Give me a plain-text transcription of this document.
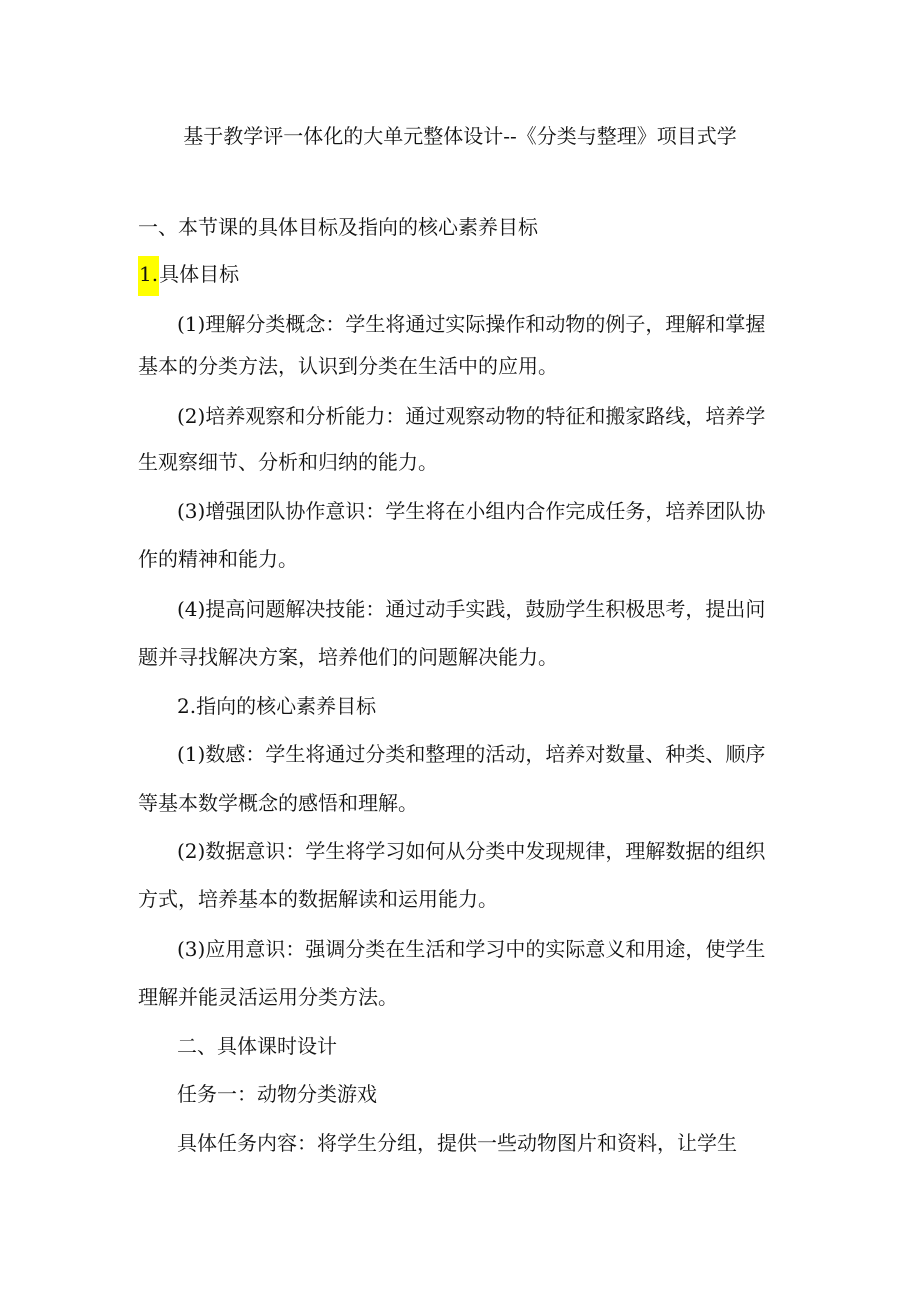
基于教学评一体化的大单元整体设计--《分类与整理》项目式学
一、本节课的具体目标及指向的核心素养目标
1.具体目标
(1)理解分类概念：学生将通过实际操作和动物的例子，理解和掌握
基本的分类方法，认识到分类在生活中的应用。
(2)培养观察和分析能力：通过观察动物的特征和搬家路线，培养学
生观察细节、分析和归纳的能力。
(3)增强团队协作意识：学生将在小组内合作完成任务，培养团队协
作的精神和能力。
(4)提高问题解决技能：通过动手实践，鼓励学生积极思考，提出问
题并寻找解决方案，培养他们的问题解决能力。
2.指向的核心素养目标
(1)数感：学生将通过分类和整理的活动，培养对数量、种类、顺序
等基本数学概念的感悟和理解。
(2)数据意识：学生将学习如何从分类中发现规律，理解数据的组织
方式，培养基本的数据解读和运用能力。
(3)应用意识：强调分类在生活和学习中的实际意义和用途，使学生
理解并能灵活运用分类方法。
二、具体课时设计
任务一：动物分类游戏
具体任务内容：将学生分组，提供一些动物图片和资料，让学生
